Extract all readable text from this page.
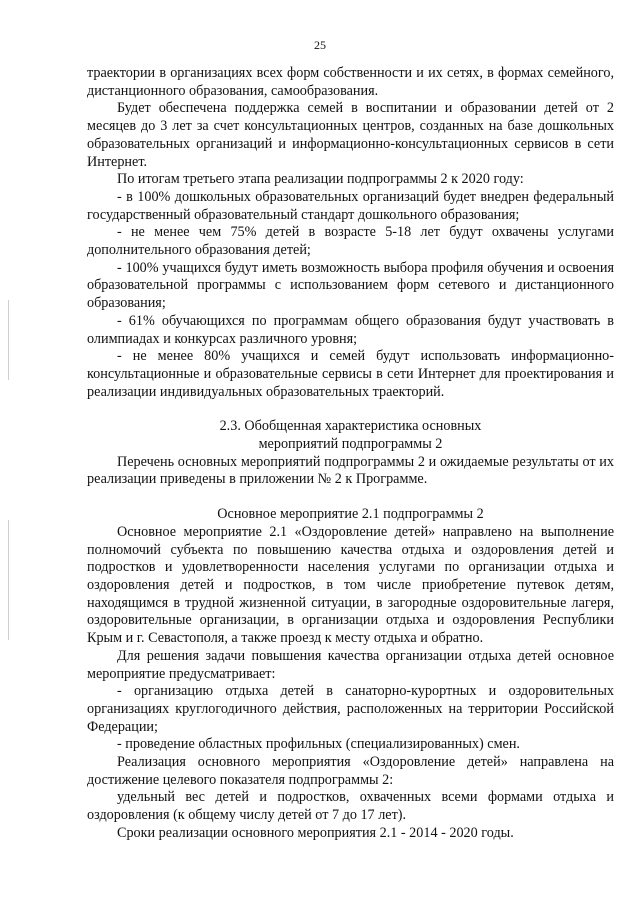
25

траектории в организациях всех форм собственности и их сетях, в формах семейного, дистанционного образования, самообразования.

Будет обеспечена поддержка семей в воспитании и образовании детей от 2 месяцев до 3 лет за счет консультационных центров, созданных на базе дошкольных образовательных организаций и информационно-консультационных сервисов в сети Интернет.

По итогам третьего этапа реализации подпрограммы 2 к 2020 году:

- в 100% дошкольных образовательных организаций будет внедрен федеральный государственный образовательный стандарт дошкольного образования;

- не менее чем 75% детей в возрасте 5-18 лет будут охвачены услугами дополнительного образования детей;

- 100% учащихся будут иметь возможность выбора профиля обучения и освоения образовательной программы с использованием форм сетевого и дистанционного образования;

- 61% обучающихся по программам общего образования будут участвовать в олимпиадах и конкурсах различного уровня;

- не менее 80% учащихся и семей будут использовать информационно-консультационные и образовательные сервисы в сети Интернет для проектирования и реализации индивидуальных образовательных траекторий.

2.3. Обобщенная характеристика основных

мероприятий подпрограммы 2

Перечень основных мероприятий подпрограммы 2 и ожидаемые результаты от их реализации приведены в приложении № 2 к Программе.

Основное мероприятие 2.1 подпрограммы 2

Основное мероприятие 2.1 «Оздоровление детей» направлено на выполнение полномочий субъекта по повышению качества отдыха и оздоровления детей и подростков и удовлетворенности населения услугами по организации отдыха и оздоровления детей и подростков, в том числе приобретение путевок детям, находящимся в трудной жизненной ситуации, в загородные оздоровительные лагеря, оздоровительные организации, в организации отдыха и оздоровления Республики Крым и г. Севастополя, а также проезд к месту отдыха и обратно.

Для решения задачи повышения качества организации отдыха детей основное мероприятие предусматривает:

- организацию отдыха детей в санаторно-курортных и оздоровительных организациях круглогодичного действия, расположенных на территории Российской Федерации;

- проведение областных профильных (специализированных) смен.

Реализация основного мероприятия «Оздоровление детей» направлена на достижение целевого показателя подпрограммы 2:

удельный вес детей и подростков, охваченных всеми формами отдыха и оздоровления (к общему числу детей от 7 до 17 лет).

Сроки реализации основного мероприятия 2.1 - 2014 - 2020 годы.
